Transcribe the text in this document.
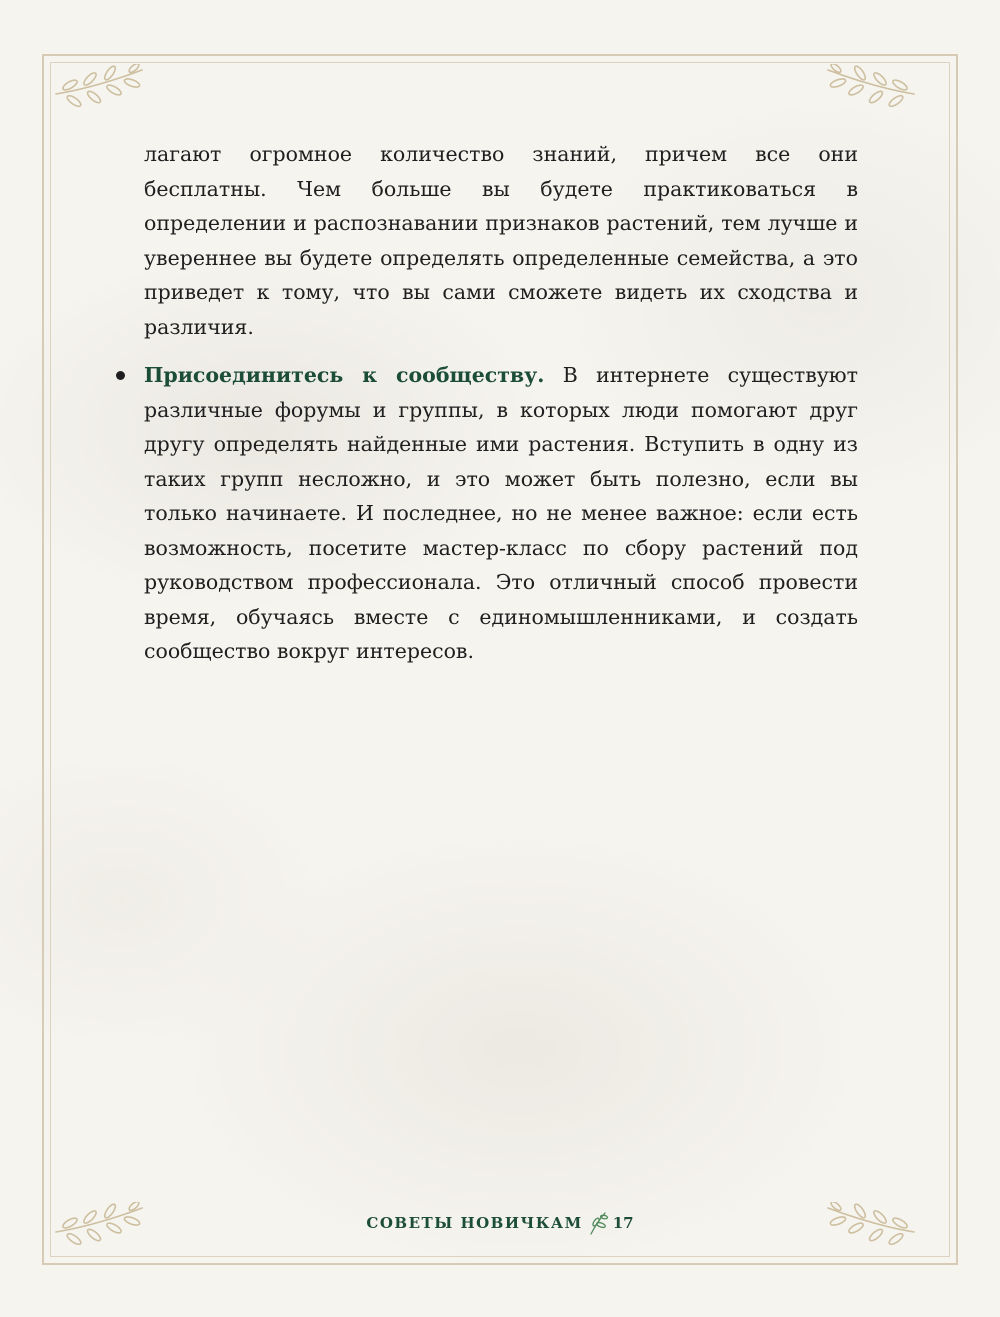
лагают огромное количество знаний, причем все они бесплатны. Чем больше вы будете практиковаться в определении и распознавании признаков растений, тем лучше и увереннее вы будете определять определенные семейства, а это приведет к тому, что вы сами сможете видеть их сходства и различия.

Присоединитесь к сообществу. В интернете существуют различные форумы и группы, в которых люди помогают друг другу определять найденные ими растения. Вступить в одну из таких групп несложно, и это может быть полезно, если вы только начинаете. И последнее, но не менее важное: если есть возможность, посетите мастер-класс по сбору растений под руководством профессионала. Это отличный способ провести время, обучаясь вместе с единомышленниками, и создать сообщество вокруг интересов.

СОВЕТЫ НОВИЧКАМ 17
